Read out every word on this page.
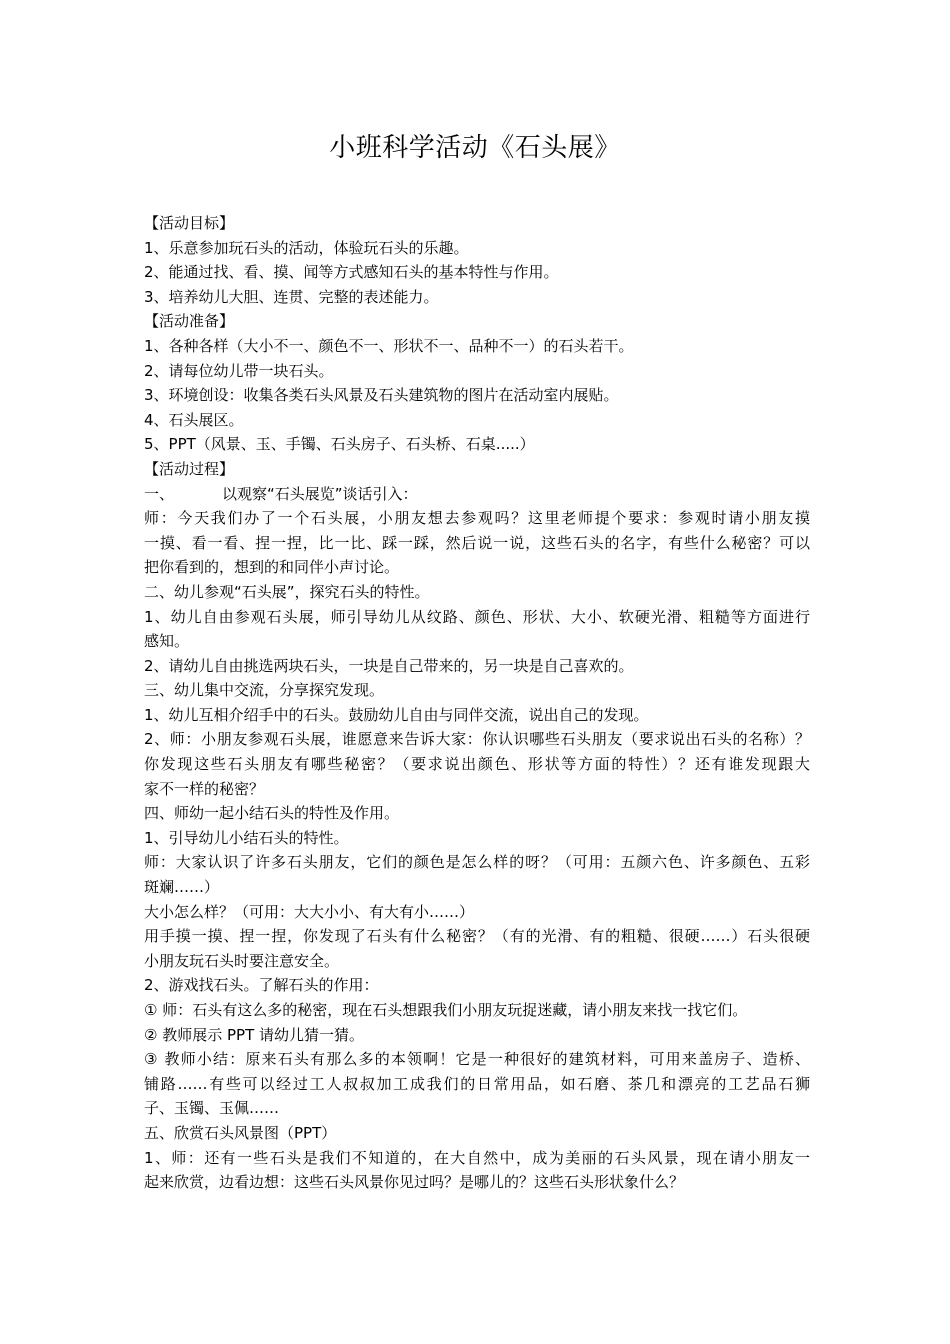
小班科学活动《石头展》
【活动目标】
1、乐意参加玩石头的活动，体验玩石头的乐趣。
2、能通过找、看、摸、闻等方式感知石头的基本特性与作用。
3、培养幼儿大胆、连贯、完整的表述能力。
【活动准备】
1、各种各样（大小不一、颜色不一、形状不一、品种不一）的石头若干。
2、请每位幼儿带一块石头。
3、环境创设：收集各类石头风景及石头建筑物的图片在活动室内展贴。
4、石头展区。
5、PPT（风景、玉、手镯、石头房子、石头桥、石桌.....）
【活动过程】
一、	以观察“石头展览”谈话引入：
师：今天我们办了一个石头展，小朋友想去参观吗？这里老师提个要求：参观时请小朋友摸
一摸、看一看、捏一捏，比一比、踩一踩，然后说一说，这些石头的名字，有些什么秘密？可以
把你看到的，想到的和同伴小声讨论。
二、幼儿参观“石头展”，探究石头的特性。
1、幼儿自由参观石头展，师引导幼儿从纹路、颜色、形状、大小、软硬光滑、粗糙等方面进行
感知。
2、请幼儿自由挑选两块石头，一块是自己带来的，另一块是自己喜欢的。
三、幼儿集中交流，分享探究发现。
1、幼儿互相介绍手中的石头。鼓励幼儿自由与同伴交流，说出自己的发现。
2、师：小朋友参观石头展，谁愿意来告诉大家：你认识哪些石头朋友（要求说出石头的名称）？
你发现这些石头朋友有哪些秘密？（要求说出颜色、形状等方面的特性）？还有谁发现跟大
家不一样的秘密？
四、师幼一起小结石头的特性及作用。
1、引导幼儿小结石头的特性。
师：大家认识了许多石头朋友，它们的颜色是怎么样的呀？（可用：五颜六色、许多颜色、五彩
斑斓……）
大小怎么样？（可用：大大小小、有大有小……）
用手摸一摸、捏一捏，你发现了石头有什么秘密？（有的光滑、有的粗糙、很硬……）石头很硬
小朋友玩石头时要注意安全。
2、游戏找石头。了解石头的作用：
① 师：石头有这么多的秘密，现在石头想跟我们小朋友玩捉迷藏，请小朋友来找一找它们。
② 教师展示 PPT 请幼儿猜一猜。
③ 教师小结：原来石头有那么多的本领啊！它是一种很好的建筑材料，可用来盖房子、造桥、
铺路……有些可以经过工人叔叔加工成我们的日常用品，如石磨、茶几和漂亮的工艺品石狮
子、玉镯、玉佩……
五、欣赏石头风景图（PPT）
1、师：还有一些石头是我们不知道的，在大自然中，成为美丽的石头风景，现在请小朋友一
起来欣赏，边看边想：这些石头风景你见过吗？是哪儿的？这些石头形状象什么？
